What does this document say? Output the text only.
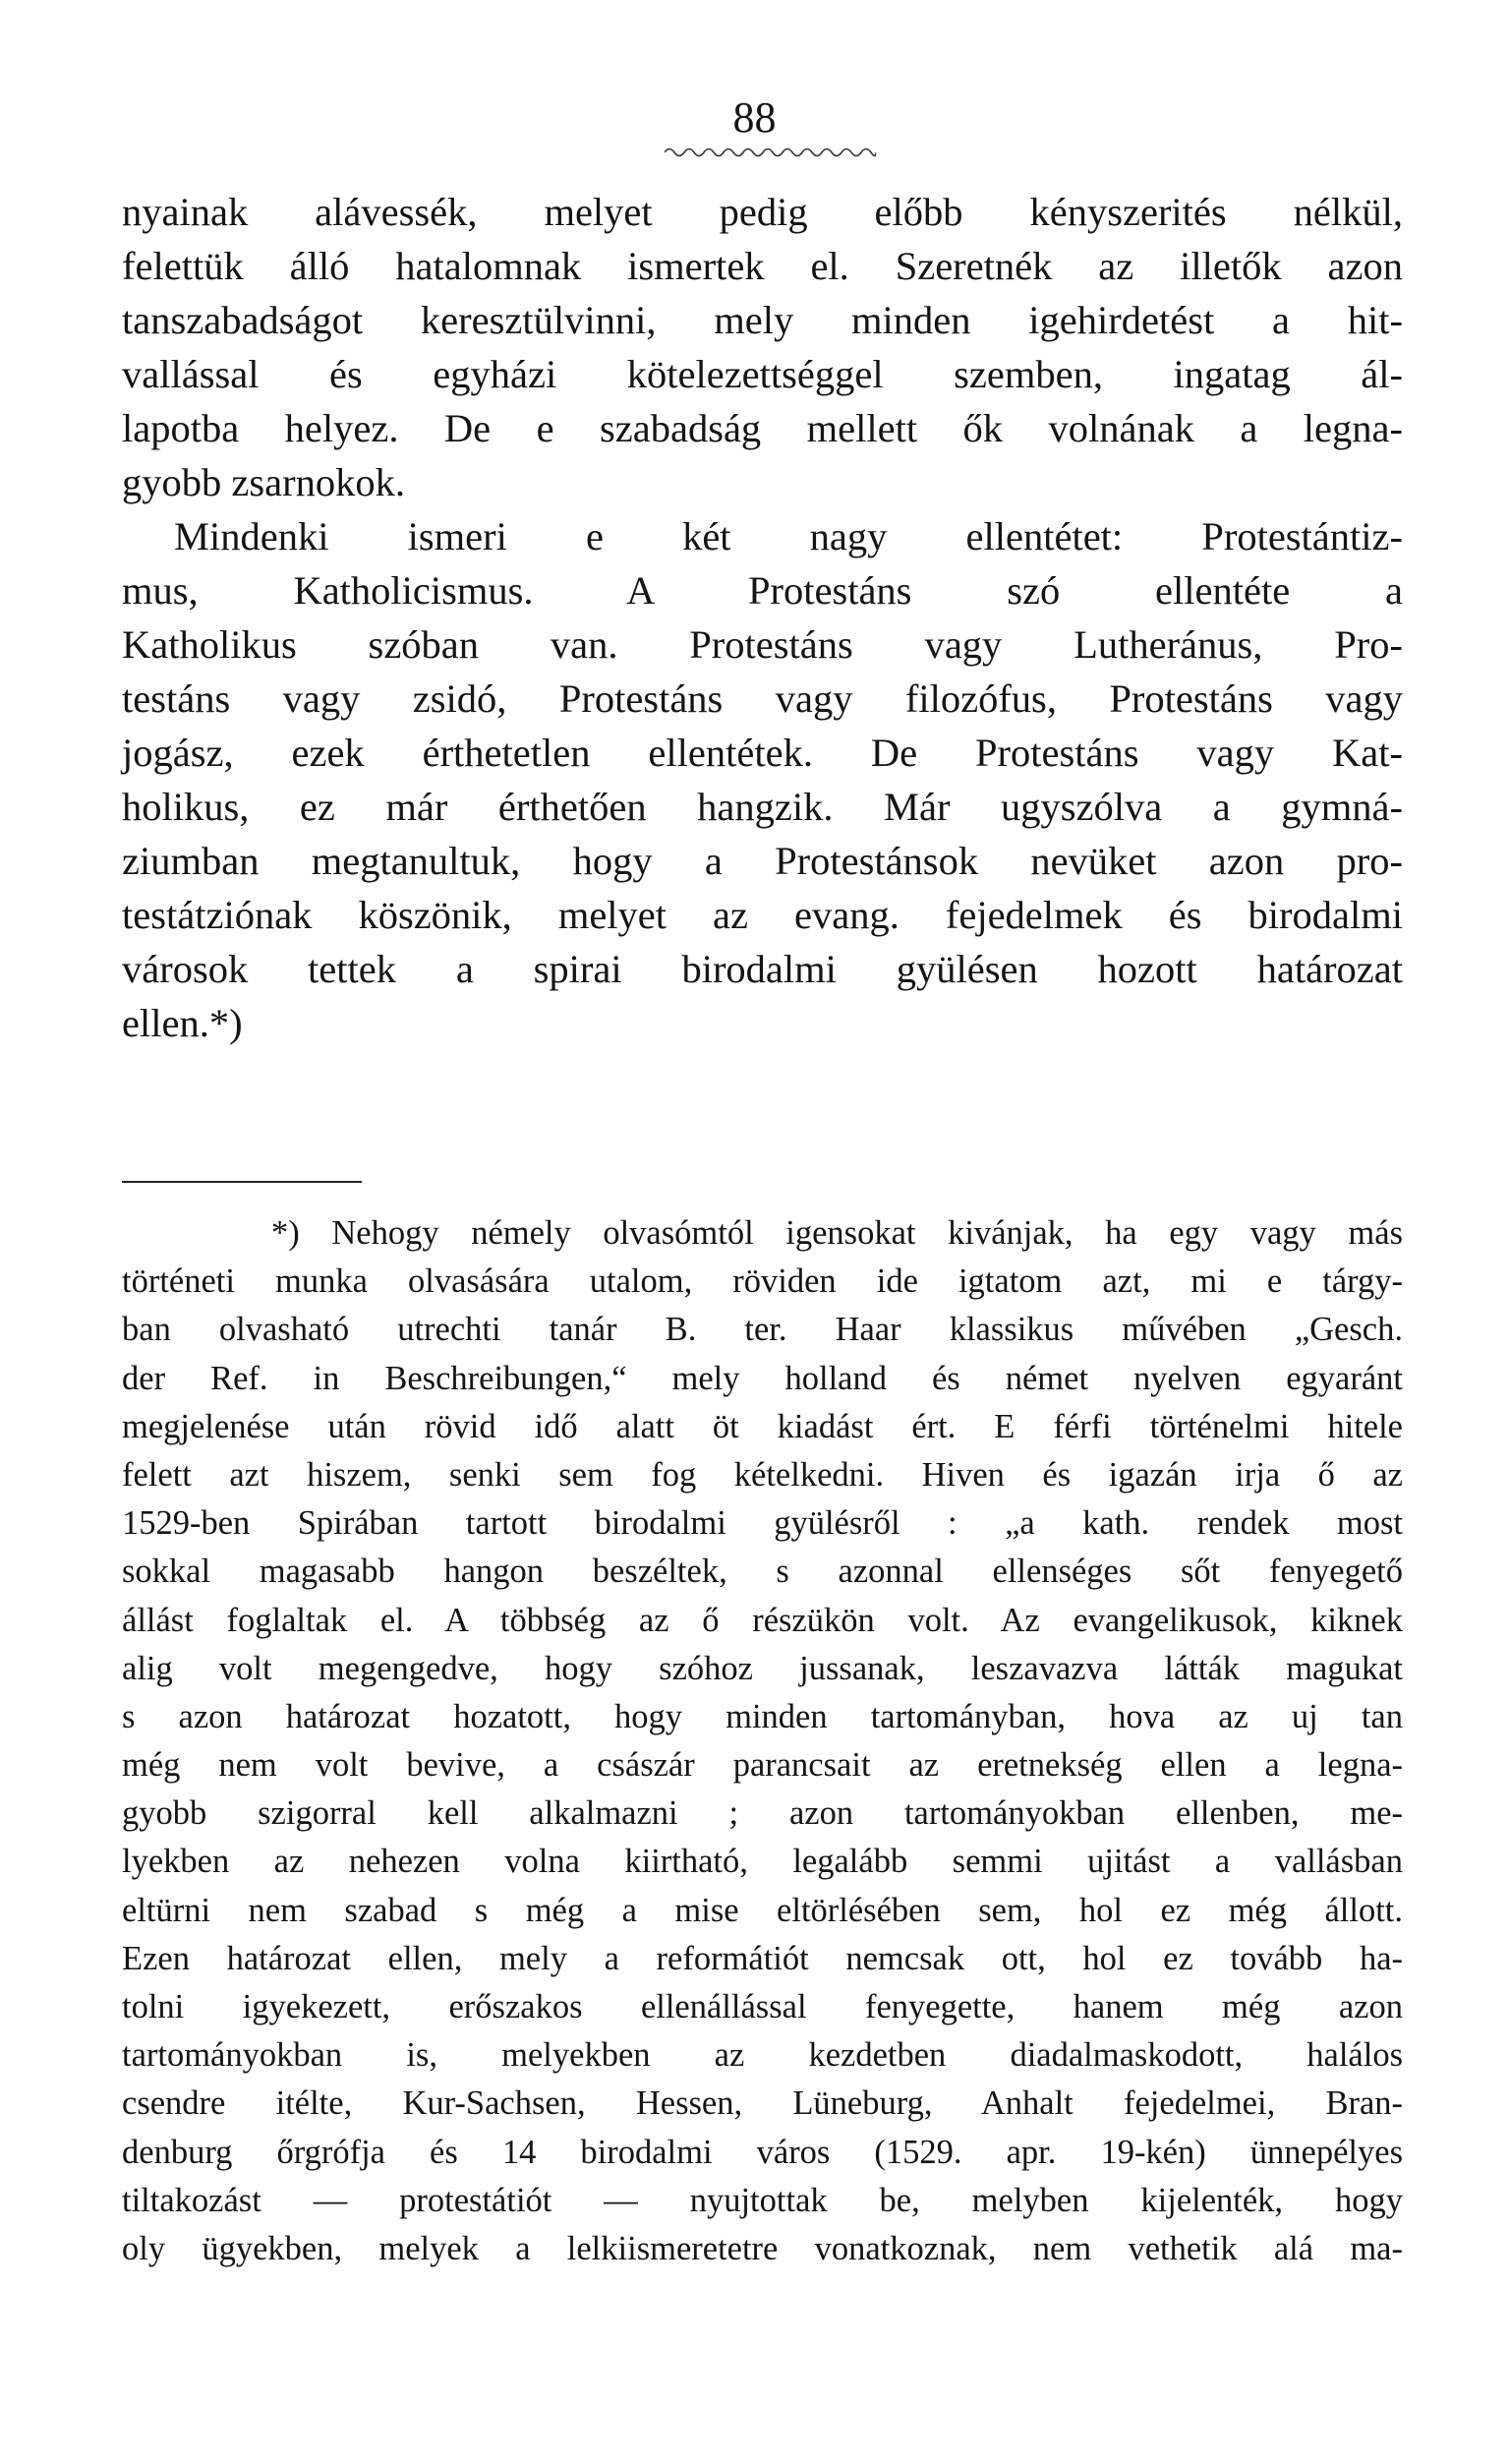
88
nyainak alávessék, melyet pedig előbb kényszerités nélkül,
felettük álló hatalomnak ismertek el. Szeretnék az illetők azon
tanszabadságot keresztülvinni, mely minden igehirdetést a hit-
vallással és egyházi kötelezettséggel szemben, ingatag ál-
lapotba helyez. De e szabadság mellett ők volnának a legna-
gyobb zsarnokok.
Mindenki ismeri e két nagy ellentétet: Protestántiz-
mus, Katholicismus. A Protestáns szó ellentéte a
Katholikus szóban van. Protestáns vagy Lutheránus, Pro-
testáns vagy zsidó, Protestáns vagy filozófus, Protestáns vagy
jogász, ezek érthetetlen ellentétek. De Protestáns vagy Kat-
holikus, ez már érthetően hangzik. Már ugyszólva a gymná-
ziumban megtanultuk, hogy a Protestánsok nevüket azon pro-
testátziónak köszönik, melyet az evang. fejedelmek és birodalmi
városok tettek a spirai birodalmi gyülésen hozott határozat
ellen.*)
*) Nehogy némely olvasómtól igensokat kivánjak, ha egy vagy más
történeti munka olvasására utalom, röviden ide igtatom azt, mi e tárgy-
ban olvasható utrechti tanár B. ter. Haar klassikus művében „Gesch.
der Ref. in Beschreibungen,“ mely holland és német nyelven egyaránt
megjelenése után rövid idő alatt öt kiadást ért. E férfi történelmi hitele
felett azt hiszem, senki sem fog kételkedni. Hiven és igazán irja ő az
1529-ben Spirában tartott birodalmi gyülésről : „a kath. rendek most
sokkal magasabb hangon beszéltek, s azonnal ellenséges sőt fenyegető
állást foglaltak el. A többség az ő részükön volt. Az evangelikusok, kiknek
alig volt megengedve, hogy szóhoz jussanak, leszavazva látták magukat
s azon határozat hozatott, hogy minden tartományban, hova az uj tan
még nem volt bevive, a császár parancsait az eretnekség ellen a legna-
gyobb szigorral kell alkalmazni ; azon tartományokban ellenben, me-
lyekben az nehezen volna kiirtható, legalább semmi ujitást a vallásban
eltürni nem szabad s még a mise eltörlésében sem, hol ez még állott.
Ezen határozat ellen, mely a reformátiót nemcsak ott, hol ez tovább ha-
tolni igyekezett, erőszakos ellenállással fenyegette, hanem még azon
tartományokban is, melyekben az kezdetben diadalmaskodott, halálos
csendre itélte, Kur-Sachsen, Hessen, Lüneburg, Anhalt fejedelmei, Bran-
denburg őrgrófja és 14 birodalmi város (1529. apr. 19-kén) ünnepélyes
tiltakozást — protestátiót — nyujtottak be, melyben kijelenték, hogy
oly ügyekben, melyek a lelkiismeretetre vonatkoznak, nem vethetik alá ma-
